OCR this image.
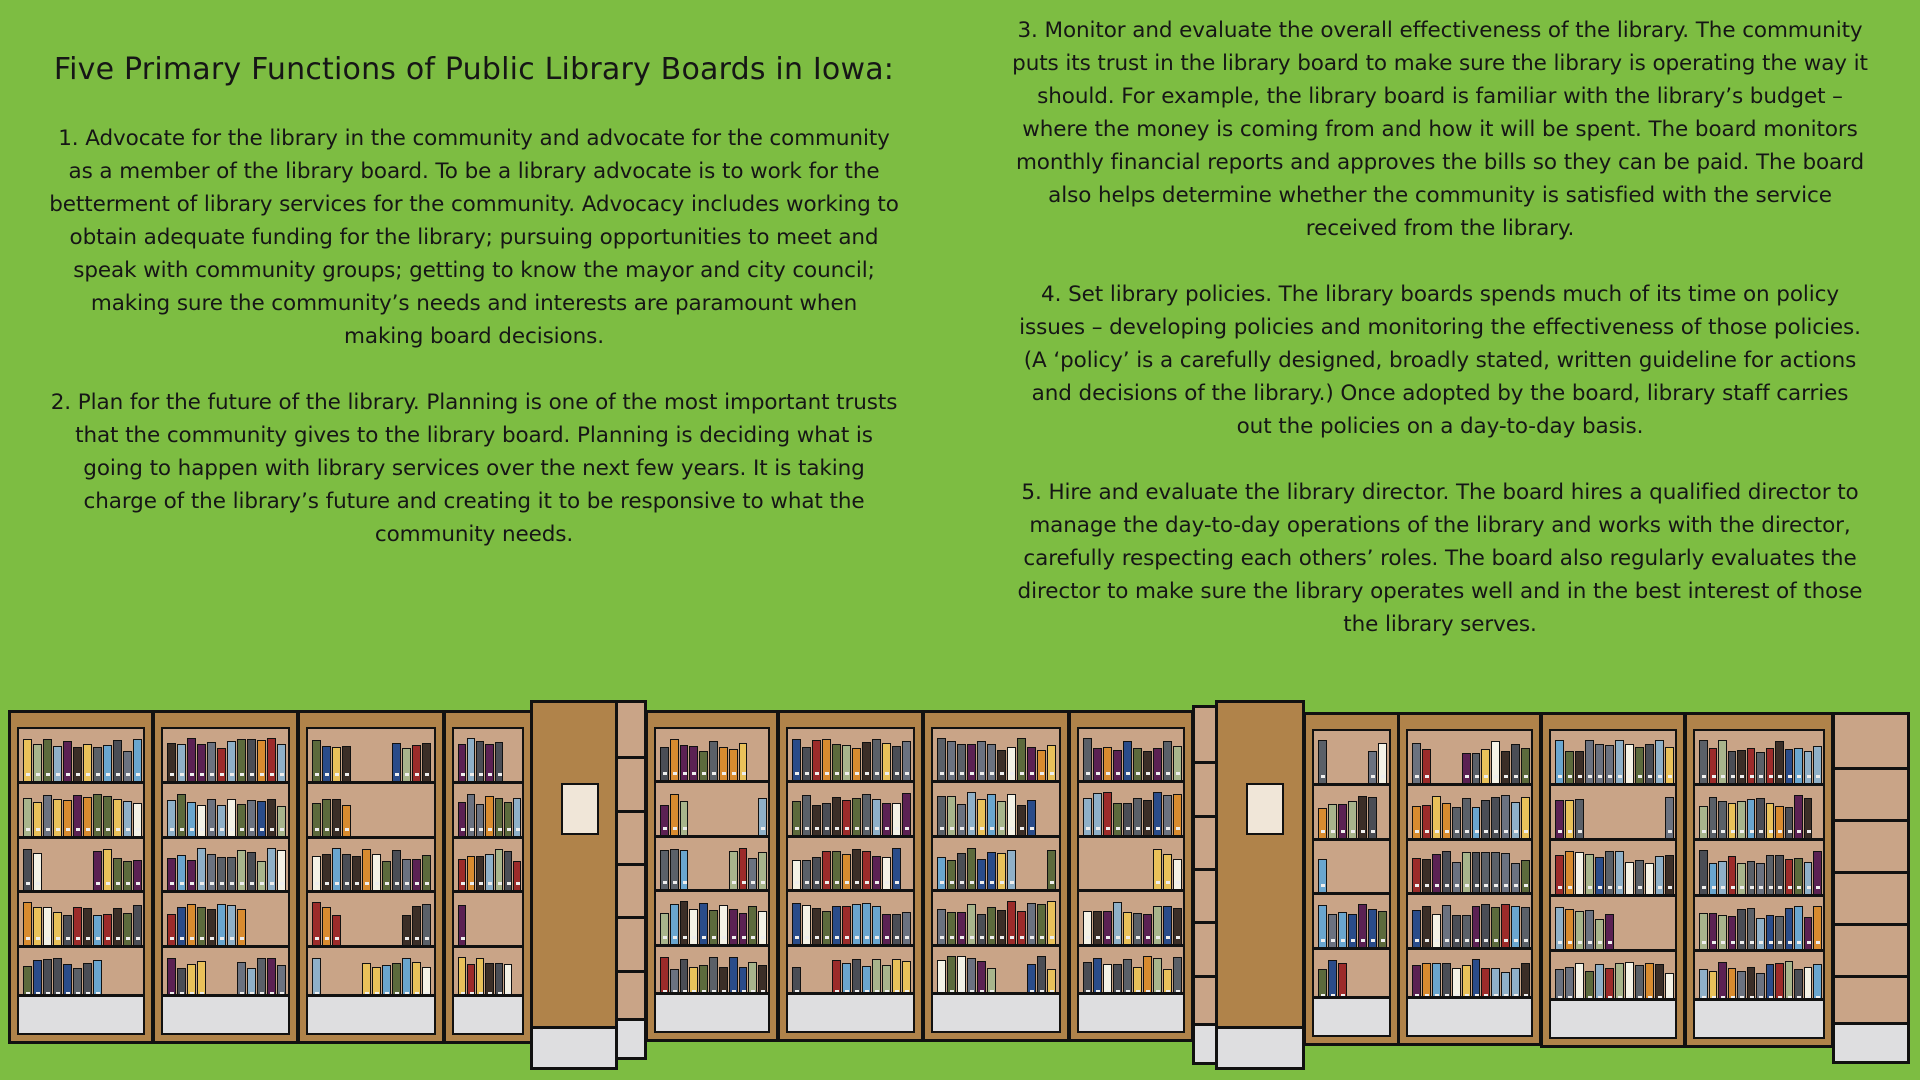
Five Primary Functions of Public Library Boards in Iowa:

1. Advocate for the library in the community and advocate for the community as a member of the library board. To be a library advocate is to work for the betterment of library services for the community. Advocacy includes working to obtain adequate funding for the library; pursuing opportunities to meet and speak with community groups; getting to know the mayor and city council; making sure the community’s needs and interests are paramount when making board decisions.

2. Plan for the future of the library. Planning is one of the most important trusts that the community gives to the library board. Planning is deciding what is going to happen with library services over the next few years. It is taking charge of the library’s future and creating it to be responsive to what the community needs.

3. Monitor and evaluate the overall effectiveness of the library. The community puts its trust in the library board to make sure the library is operating the way it should. For example, the library board is familiar with the library’s budget – where the money is coming from and how it will be spent. The board monitors monthly financial reports and approves the bills so they can be paid. The board also helps determine whether the community is satisfied with the service received from the library.

4. Set library policies. The library boards spends much of its time on policy issues – developing policies and monitoring the effectiveness of those policies. (A ‘policy’ is a carefully designed, broadly stated, written guideline for actions and decisions of the library.) Once adopted by the board, library staff carries out the policies on a day-to-day basis.

5. Hire and evaluate the library director. The board hires a qualified director to manage the day-to-day operations of the library and works with the director, carefully respecting each others’ roles. The board also regularly evaluates the director to make sure the library operates well and in the best interest of those the library serves.
